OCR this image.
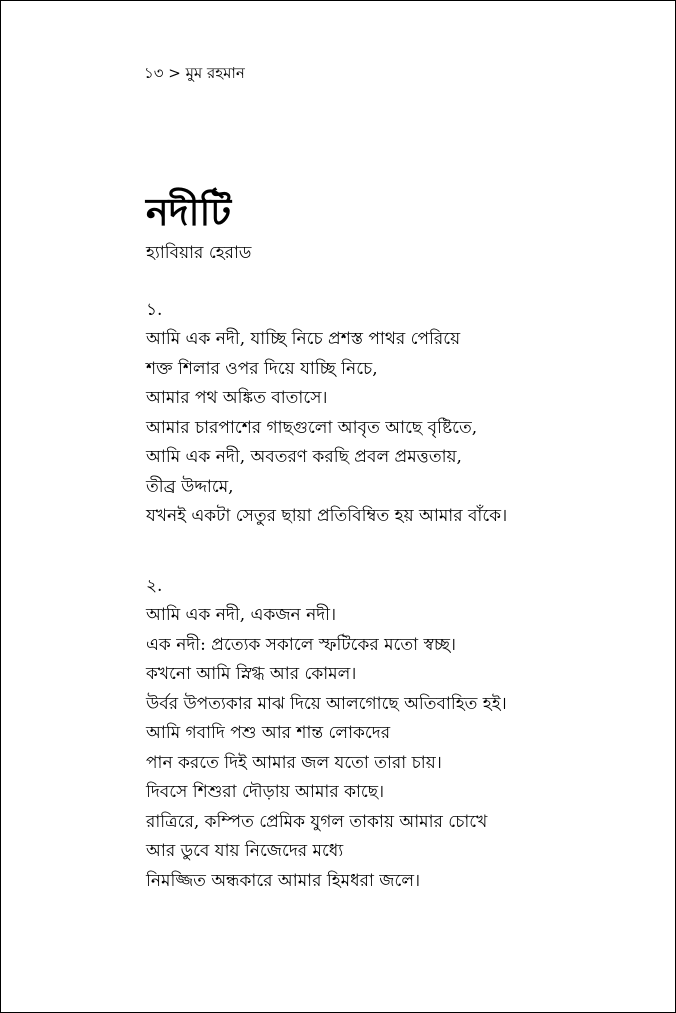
১৩ > মুম রহমান
নদীটি
হ্যাবিয়ার হেরাড
১.
আমি এক নদী, যাচ্ছি নিচে প্রশস্ত পাথর পেরিয়ে
শক্ত শিলার ওপর দিয়ে যাচ্ছি নিচে,
আমার পথ অঙ্কিত বাতাসে।
আমার চারপাশের গাছগুলো আবৃত আছে বৃষ্টিতে,
আমি এক নদী, অবতরণ করছি প্রবল প্রমত্ততায়,
তীব্র উদ্দামে,
যখনই একটা সেতুর ছায়া প্রতিবিম্বিত হয় আমার বাঁকে।
২.
আমি এক নদী, একজন নদী।
এক নদী: প্রত্যেক সকালে স্ফটিকের মতো স্বচ্ছ।
কখনো আমি স্নিগ্ধ আর কোমল।
উর্বর উপত্যকার মাঝ দিয়ে আলগোছে অতিবাহিত হই।
আমি গবাদি পশু আর শান্ত লোকদের
পান করতে দিই আমার জল যতো তারা চায়।
দিবসে শিশুরা দৌড়ায় আমার কাছে।
রাত্রিরে, কম্পিত প্রেমিক যুগল তাকায় আমার চোখে
আর ডুবে যায় নিজেদের মধ্যে
নিমজ্জিত অন্ধকারে আমার হিমধরা জলে।
